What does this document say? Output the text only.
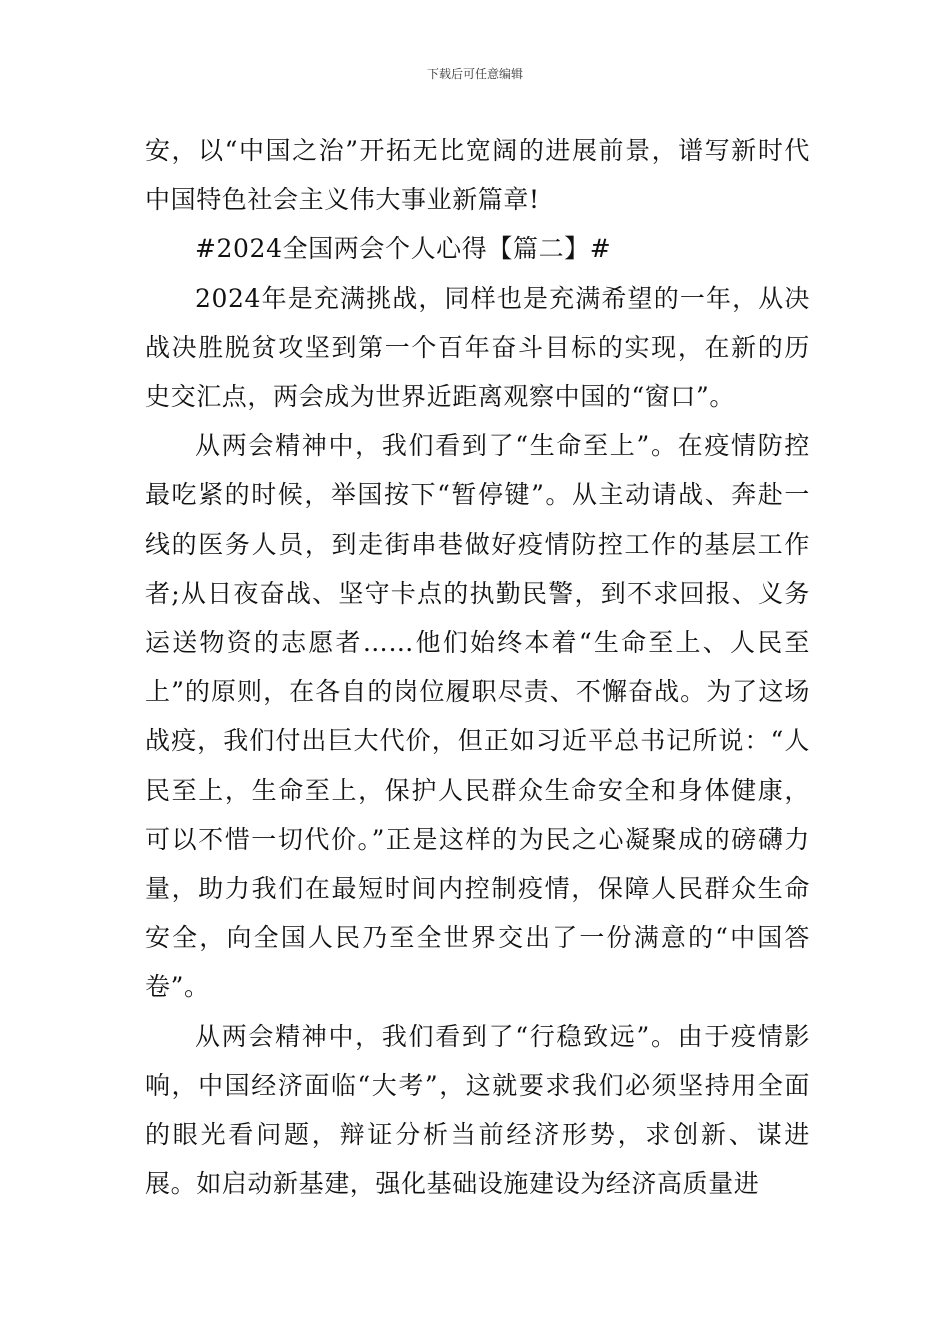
下载后可任意编辑

安，以“中国之治”开拓无比宽阔的进展前景，谱写新时代中国特色社会主义伟大事业新篇章!

#2024全国两会个人心得【篇二】#

2024年是充满挑战，同样也是充满希望的一年，从决战决胜脱贫攻坚到第一个百年奋斗目标的实现，在新的历史交汇点，两会成为世界近距离观察中国的“窗口”。

从两会精神中，我们看到了“生命至上”。在疫情防控最吃紧的时候，举国按下“暂停键”。从主动请战、奔赴一线的医务人员，到走街串巷做好疫情防控工作的基层工作者;从日夜奋战、坚守卡点的执勤民警，到不求回报、义务运送物资的志愿者……他们始终本着“生命至上、人民至上”的原则，在各自的岗位履职尽责、不懈奋战。为了这场战疫，我们付出巨大代价，但正如习近平总书记所说：“人民至上，生命至上，保护人民群众生命安全和身体健康，可以不惜一切代价。”正是这样的为民之心凝聚成的磅礴力量，助力我们在最短时间内控制疫情，保障人民群众生命安全，向全国人民乃至全世界交出了一份满意的“中国答卷”。

从两会精神中，我们看到了“行稳致远”。由于疫情影响，中国经济面临“大考”，这就要求我们必须坚持用全面的眼光看问题，辩证分析当前经济形势，求创新、谋进展。如启动新基建，强化基础设施建设为经济高质量进
